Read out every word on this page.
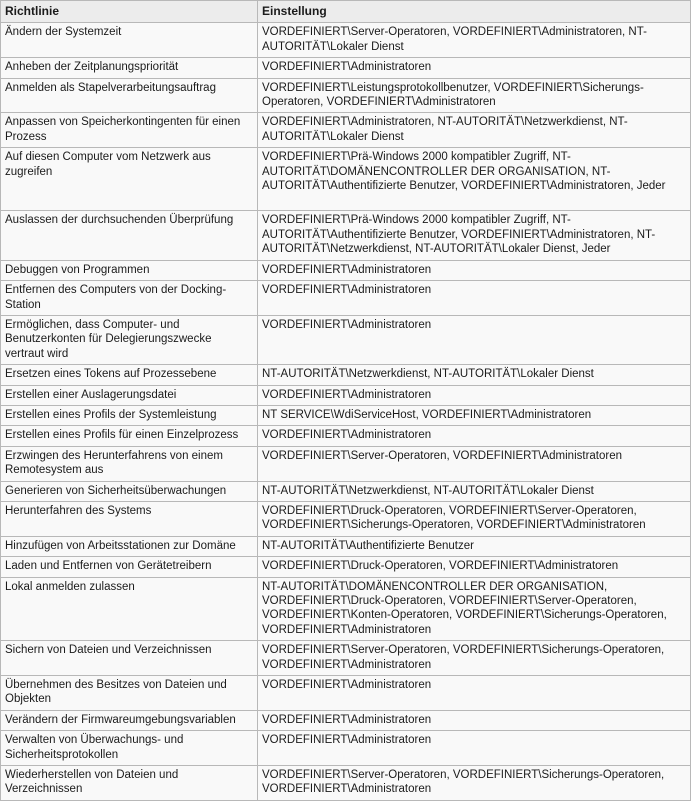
Richtlinie	Einstellung
Ändern der Systemzeit	VORDEFINIERT\Server-Operatoren, VORDEFINIERT\Administratoren, NT-AUTORITÄT\Lokaler Dienst
Anheben der Zeitplanungspriorität	VORDEFINIERT\Administratoren
Anmelden als Stapelverarbeitungsauftrag	VORDEFINIERT\Leistungsprotokollbenutzer, VORDEFINIERT\Sicherungs-Operatoren, VORDEFINIERT\Administratoren
Anpassen von Speicherkontingenten für einen Prozess	VORDEFINIERT\Administratoren, NT-AUTORITÄT\Netzwerkdienst, NT-AUTORITÄT\Lokaler Dienst
Auf diesen Computer vom Netzwerk aus zugreifen	VORDEFINIERT\Prä-Windows 2000 kompatibler Zugriff, NT-AUTORITÄT\DOMÄNENCONTROLLER DER ORGANISATION, NT-AUTORITÄT\Authentifizierte Benutzer, VORDEFINIERT\Administratoren, Jeder

Auslassen der durchsuchenden Überprüfung	VORDEFINIERT\Prä-Windows 2000 kompatibler Zugriff, NT-AUTORITÄT\Authentifizierte Benutzer, VORDEFINIERT\Administratoren, NT-AUTORITÄT\Netzwerkdienst, NT-AUTORITÄT\Lokaler Dienst, Jeder
Debuggen von Programmen	VORDEFINIERT\Administratoren
Entfernen des Computers von der Docking-Station	VORDEFINIERT\Administratoren
Ermöglichen, dass Computer- und Benutzerkonten für Delegierungszwecke vertraut wird	VORDEFINIERT\Administratoren
Ersetzen eines Tokens auf Prozessebene	NT-AUTORITÄT\Netzwerkdienst, NT-AUTORITÄT\Lokaler Dienst
Erstellen einer Auslagerungsdatei	VORDEFINIERT\Administratoren
Erstellen eines Profils der Systemleistung	NT SERVICE\WdiServiceHost, VORDEFINIERT\Administratoren
Erstellen eines Profils für einen Einzelprozess	VORDEFINIERT\Administratoren
Erzwingen des Herunterfahrens von einem Remotesystem aus	VORDEFINIERT\Server-Operatoren, VORDEFINIERT\Administratoren
Generieren von Sicherheitsüberwachungen	NT-AUTORITÄT\Netzwerkdienst, NT-AUTORITÄT\Lokaler Dienst
Herunterfahren des Systems	VORDEFINIERT\Druck-Operatoren, VORDEFINIERT\Server-Operatoren, VORDEFINIERT\Sicherungs-Operatoren, VORDEFINIERT\Administratoren
Hinzufügen von Arbeitsstationen zur Domäne	NT-AUTORITÄT\Authentifizierte Benutzer
Laden und Entfernen von Gerätetreibern	VORDEFINIERT\Druck-Operatoren, VORDEFINIERT\Administratoren
Lokal anmelden zulassen	NT-AUTORITÄT\DOMÄNENCONTROLLER DER ORGANISATION, VORDEFINIERT\Druck-Operatoren, VORDEFINIERT\Server-Operatoren, VORDEFINIERT\Konten-Operatoren, VORDEFINIERT\Sicherungs-Operatoren, VORDEFINIERT\Administratoren
Sichern von Dateien und Verzeichnissen	VORDEFINIERT\Server-Operatoren, VORDEFINIERT\Sicherungs-Operatoren, VORDEFINIERT\Administratoren
Übernehmen des Besitzes von Dateien und Objekten	VORDEFINIERT\Administratoren
Verändern der Firmwareumgebungsvariablen	VORDEFINIERT\Administratoren
Verwalten von Überwachungs- und Sicherheitsprotokollen	VORDEFINIERT\Administratoren
Wiederherstellen von Dateien und Verzeichnissen	VORDEFINIERT\Server-Operatoren, VORDEFINIERT\Sicherungs-Operatoren, VORDEFINIERT\Administratoren
